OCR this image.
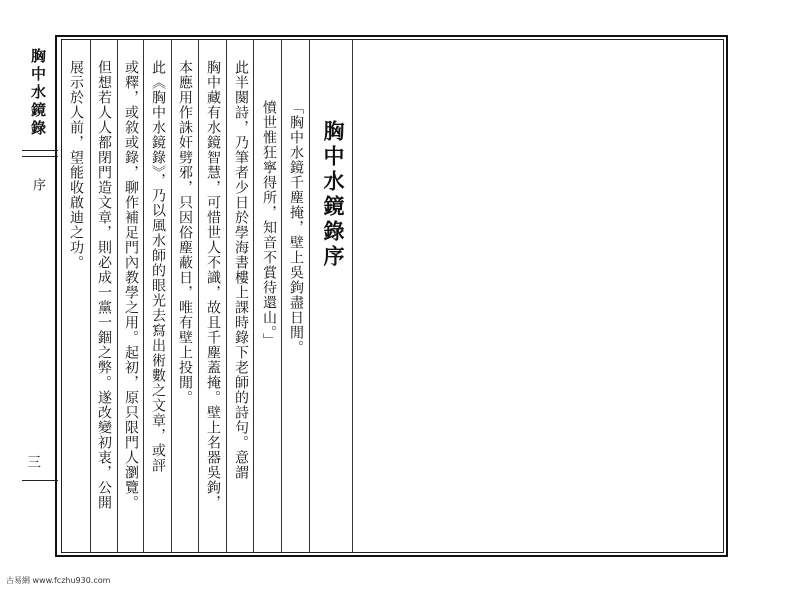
胸中水鏡錄序
「胸中水鏡千塵掩，壁上吳鉤盡日閒。
憤世惟狂寧得所，知音不賞待還山。」
此半闋詩，乃筆者少日於學海書樓上課時錄下老師的詩句。意謂
胸中藏有水鏡智慧，可惜世人不識，故且千塵蓋掩。壁上名器吳鉤，
本應用作誅奸劈邪，只因俗塵蔽日，唯有壁上投閒。
此《胸中水鏡錄》，乃以風水師的眼光去寫出術數之文章，或評
或釋，或敘或錄，聊作補足門內教學之用。起初，原只限門人瀏覽。
但想若人人都閉門造文章，則必成一黨一錮之弊。遂改變初衷，公開
展示於人前，望能收啟迪之功。
胸中水鏡錄
序
三
古易網 www.fczhu930.com
